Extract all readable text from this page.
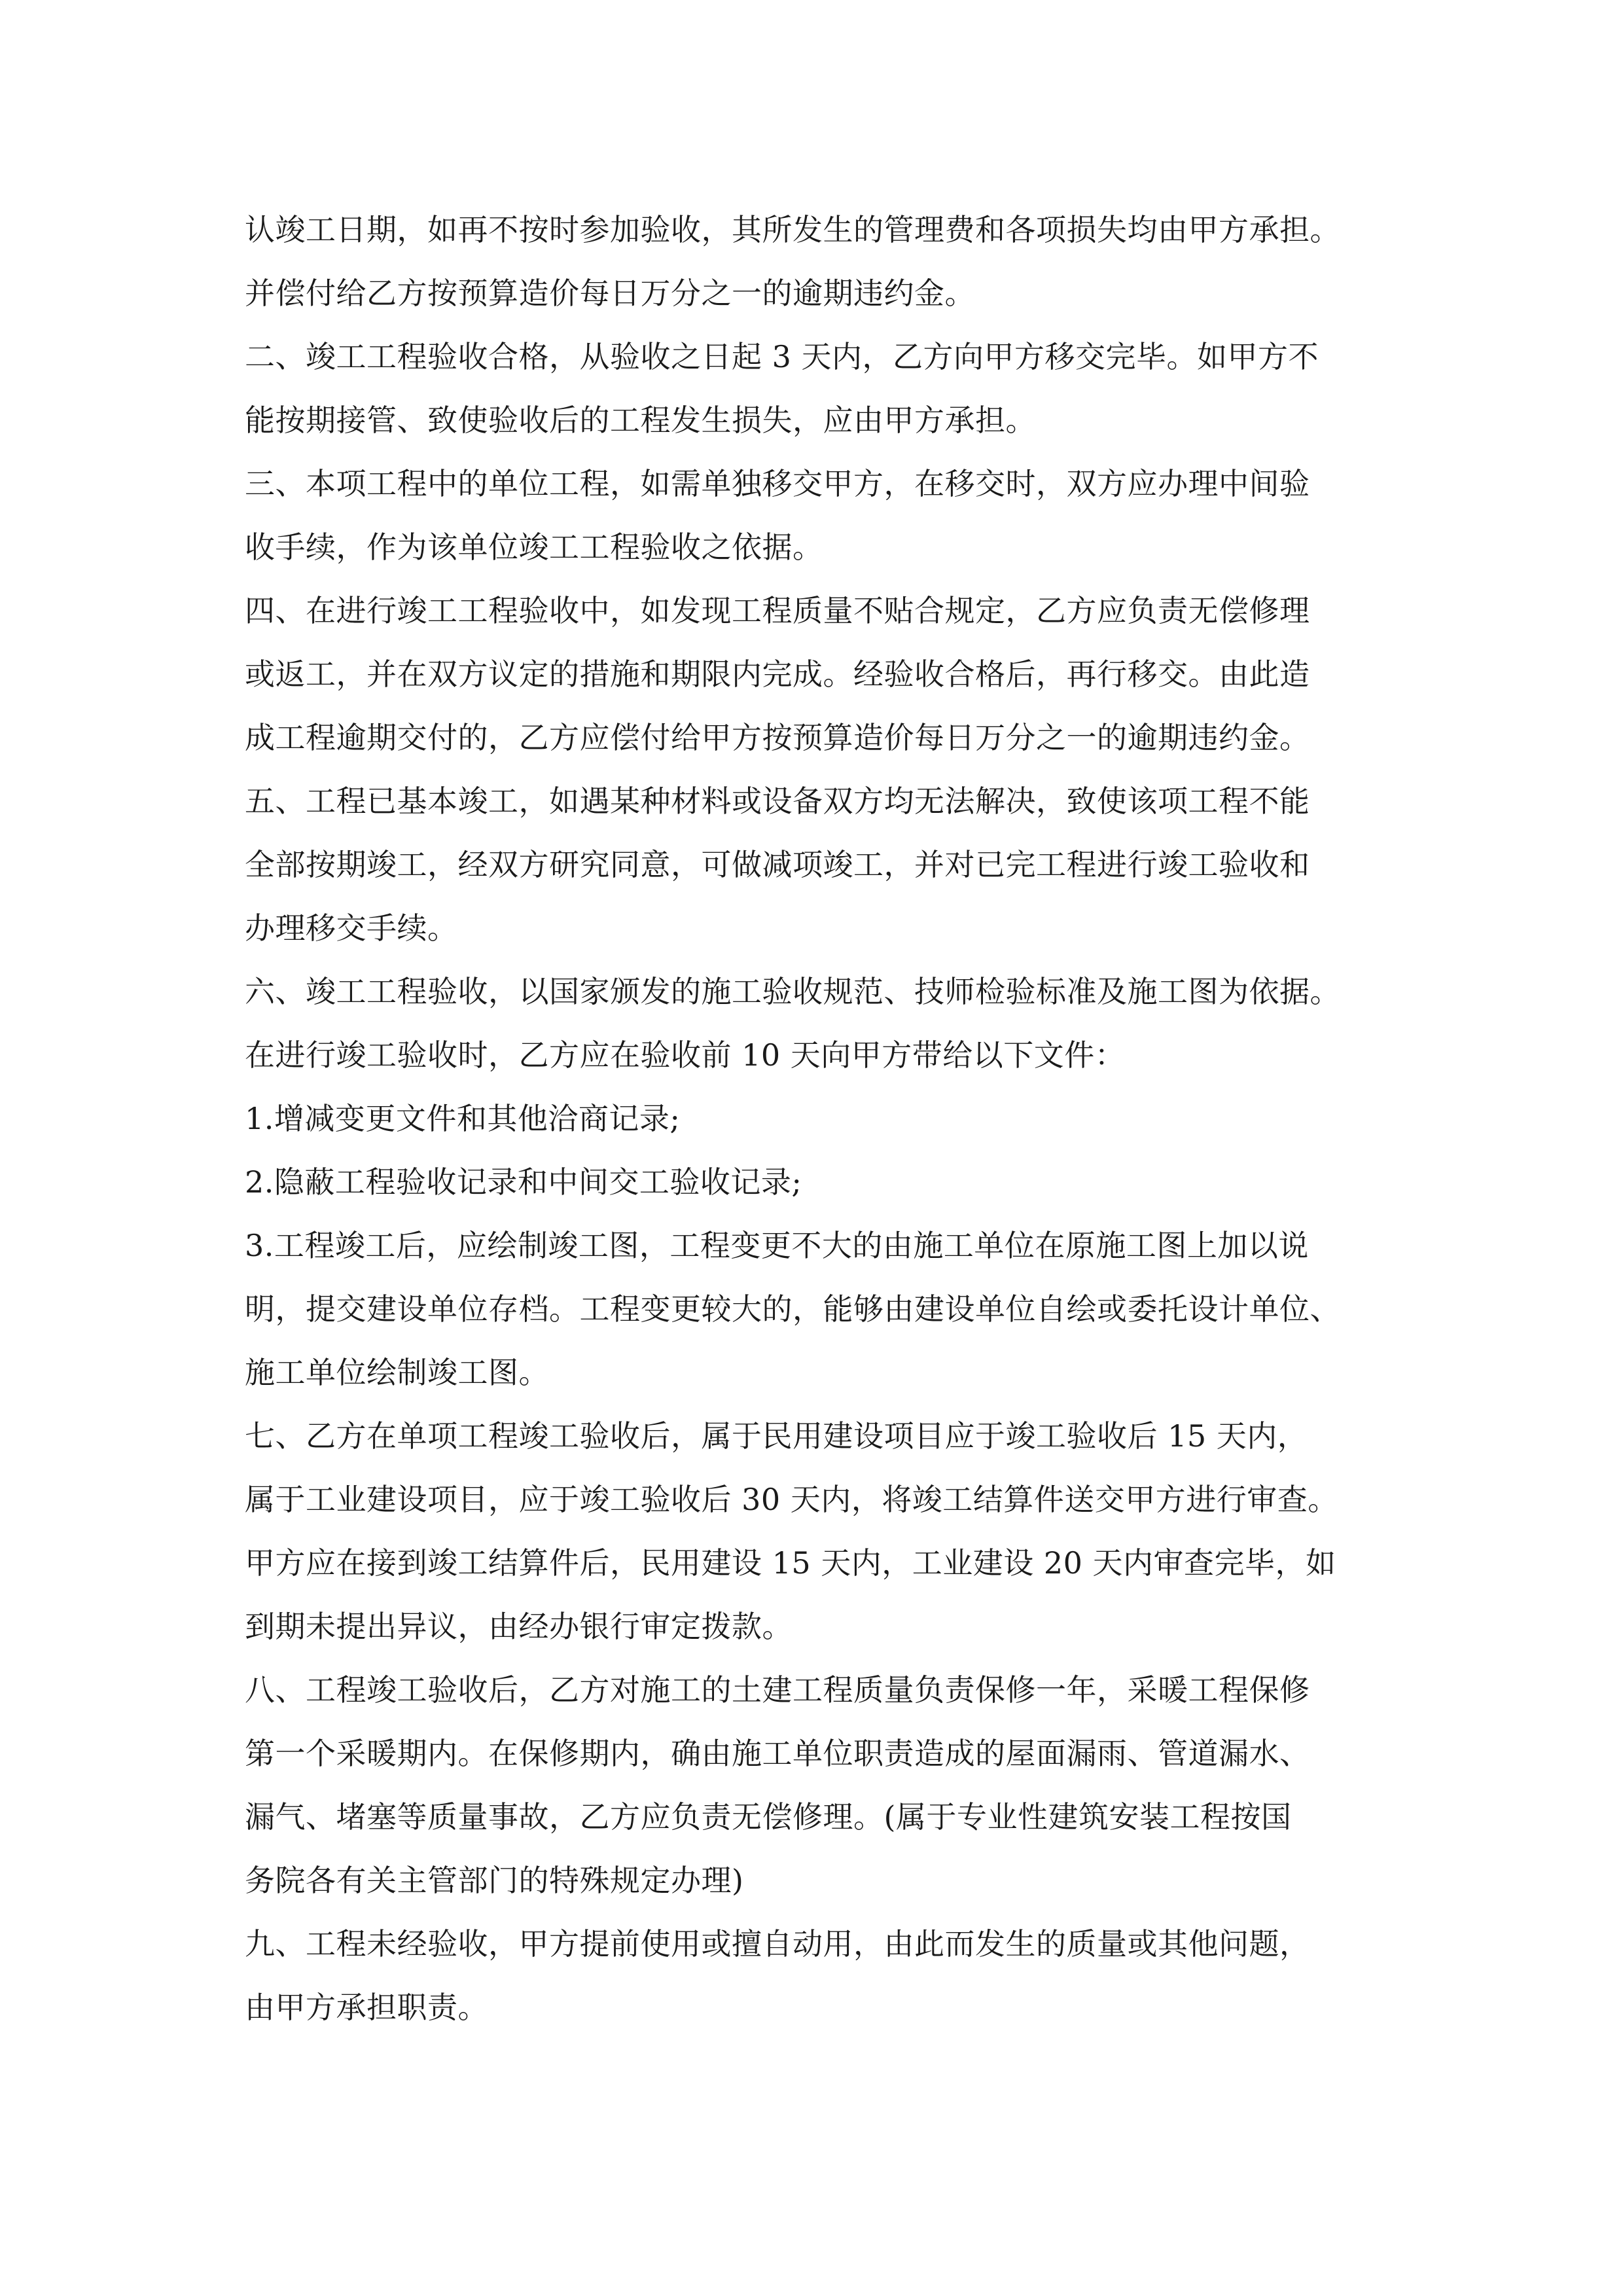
认竣工日期，如再不按时参加验收，其所发生的管理费和各项损失均由甲方承担。
并偿付给乙方按预算造价每日万分之一的逾期违约金。
二、竣工工程验收合格，从验收之日起 3 天内，乙方向甲方移交完毕。如甲方不
能按期接管、致使验收后的工程发生损失，应由甲方承担。
三、本项工程中的单位工程，如需单独移交甲方，在移交时，双方应办理中间验
收手续，作为该单位竣工工程验收之依据。
四、在进行竣工工程验收中，如发现工程质量不贴合规定，乙方应负责无偿修理
或返工，并在双方议定的措施和期限内完成。经验收合格后，再行移交。由此造
成工程逾期交付的，乙方应偿付给甲方按预算造价每日万分之一的逾期违约金。
五、工程已基本竣工，如遇某种材料或设备双方均无法解决，致使该项工程不能
全部按期竣工，经双方研究同意，可做减项竣工，并对已完工程进行竣工验收和
办理移交手续。
六、竣工工程验收，以国家颁发的施工验收规范、技师检验标准及施工图为依据。
在进行竣工验收时，乙方应在验收前 10 天向甲方带给以下文件：
1.增减变更文件和其他洽商记录;
2.隐蔽工程验收记录和中间交工验收记录;
3.工程竣工后，应绘制竣工图，工程变更不大的由施工单位在原施工图上加以说
明，提交建设单位存档。工程变更较大的，能够由建设单位自绘或委托设计单位、
施工单位绘制竣工图。
七、乙方在单项工程竣工验收后，属于民用建设项目应于竣工验收后 15 天内，
属于工业建设项目，应于竣工验收后 30 天内，将竣工结算件送交甲方进行审查。
甲方应在接到竣工结算件后，民用建设 15 天内，工业建设 20 天内审查完毕，如
到期未提出异议，由经办银行审定拨款。
八、工程竣工验收后，乙方对施工的土建工程质量负责保修一年，采暖工程保修
第一个采暖期内。在保修期内，确由施工单位职责造成的屋面漏雨、管道漏水、
漏气、堵塞等质量事故，乙方应负责无偿修理。(属于专业性建筑安装工程按国
务院各有关主管部门的特殊规定办理)
九、工程未经验收，甲方提前使用或擅自动用，由此而发生的质量或其他问题，
由甲方承担职责。
